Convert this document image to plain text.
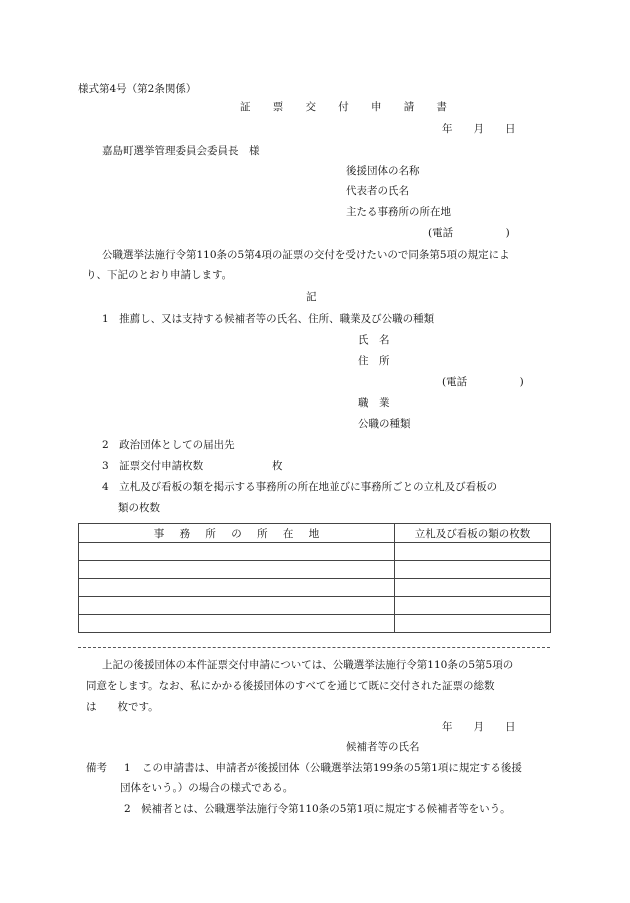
様式第4号（第2条関係）
証 票 交 付 申 請 書
年　　月　　日
嘉島町選挙管理委員会委員長　様
後援団体の名称
代表者の氏名
主たる事務所の所在地
(電話　　　　　)
公職選挙法施行令第110条の5第4項の証票の交付を受けたいので同条第5項の規定によ
り、下記のとおり申請します。
記
1　推薦し、又は支持する候補者等の氏名、住所、職業及び公職の種類
氏　名
住　所
(電話　　　　　)
職　業
公職の種類
2　政治団体としての届出先
3　証票交付申請枚数	枚
4　立札及び看板の類を掲示する事務所の所在地並びに事務所ごとの立札及び看板の
類の枚数
事 務 所 の 所 在 地	立札及び看板の類の枚数

上記の後援団体の本件証票交付申請については、公職選挙法施行令第110条の5第5項の
同意をします。なお、私にかかる後援団体のすべてを通じて既に交付された証票の総数
は　　枚です。
年　　月　　日
候補者等の氏名
備考 1 この申請書は、申請者が後援団体（公職選挙法第199条の5第1項に規定する後援
団体をいう。）の場合の様式である。
2　候補者とは、公職選挙法施行令第110条の5第1項に規定する候補者等をいう。
